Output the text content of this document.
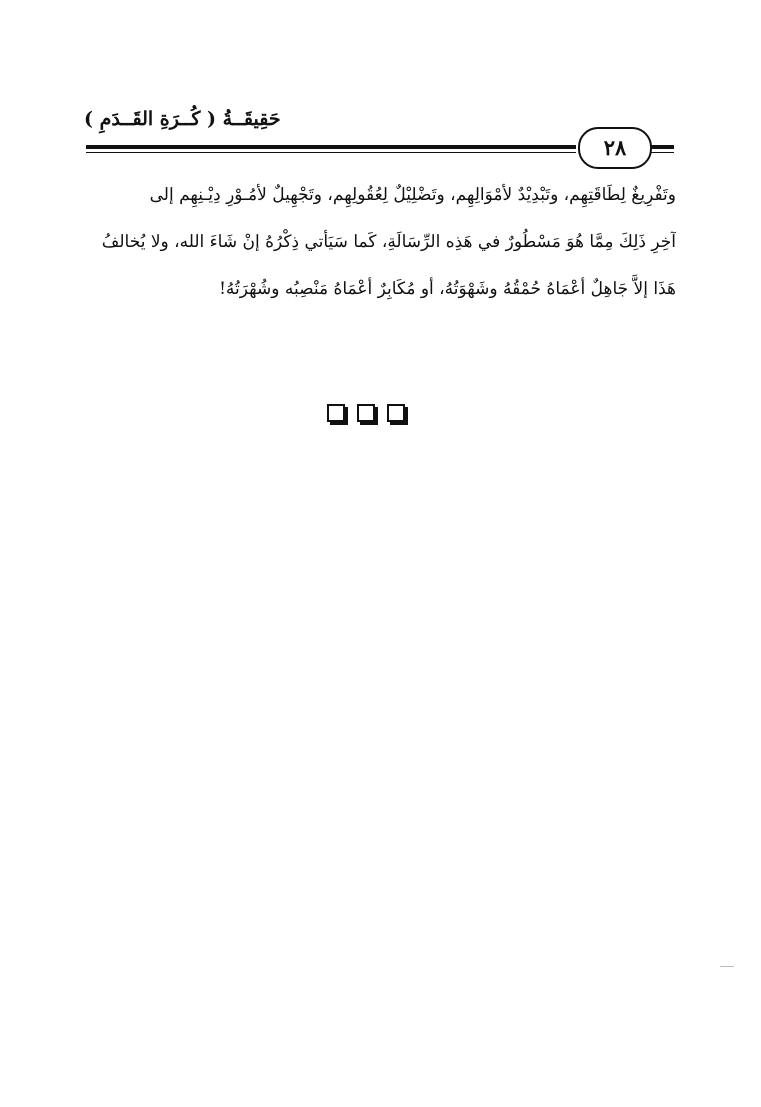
حَقِيقَــةُ ( كُــرَةِ القَــدَمِ )
٢٨
وتَفْرِيغٌ لِطَاقَتِهِم، وتَبْدِيْدٌ لأمْوَالِهِم، وتَضْلِيْلٌ لِعُقُولِهِم، وتَجْهِيلٌ لأمُـوْرِ دِيْـنِهِم إلى
آخِرِ ذَلِكَ مِمَّا هُوَ مَسْطُورٌ في هَذِه الرِّسَالَةِ، كَما سَيَأتي ذِكْرُهُ إنْ شَاءَ الله، ولا يُخالفُ
هَذَا إلاَّ جَاهِلٌ أعْمَاهُ حُمْقُهُ وشَهْوَتُهُ، أو مُكَابِرٌ أعْمَاهُ مَنْصِبُه وشُهْرَتُهُ!
